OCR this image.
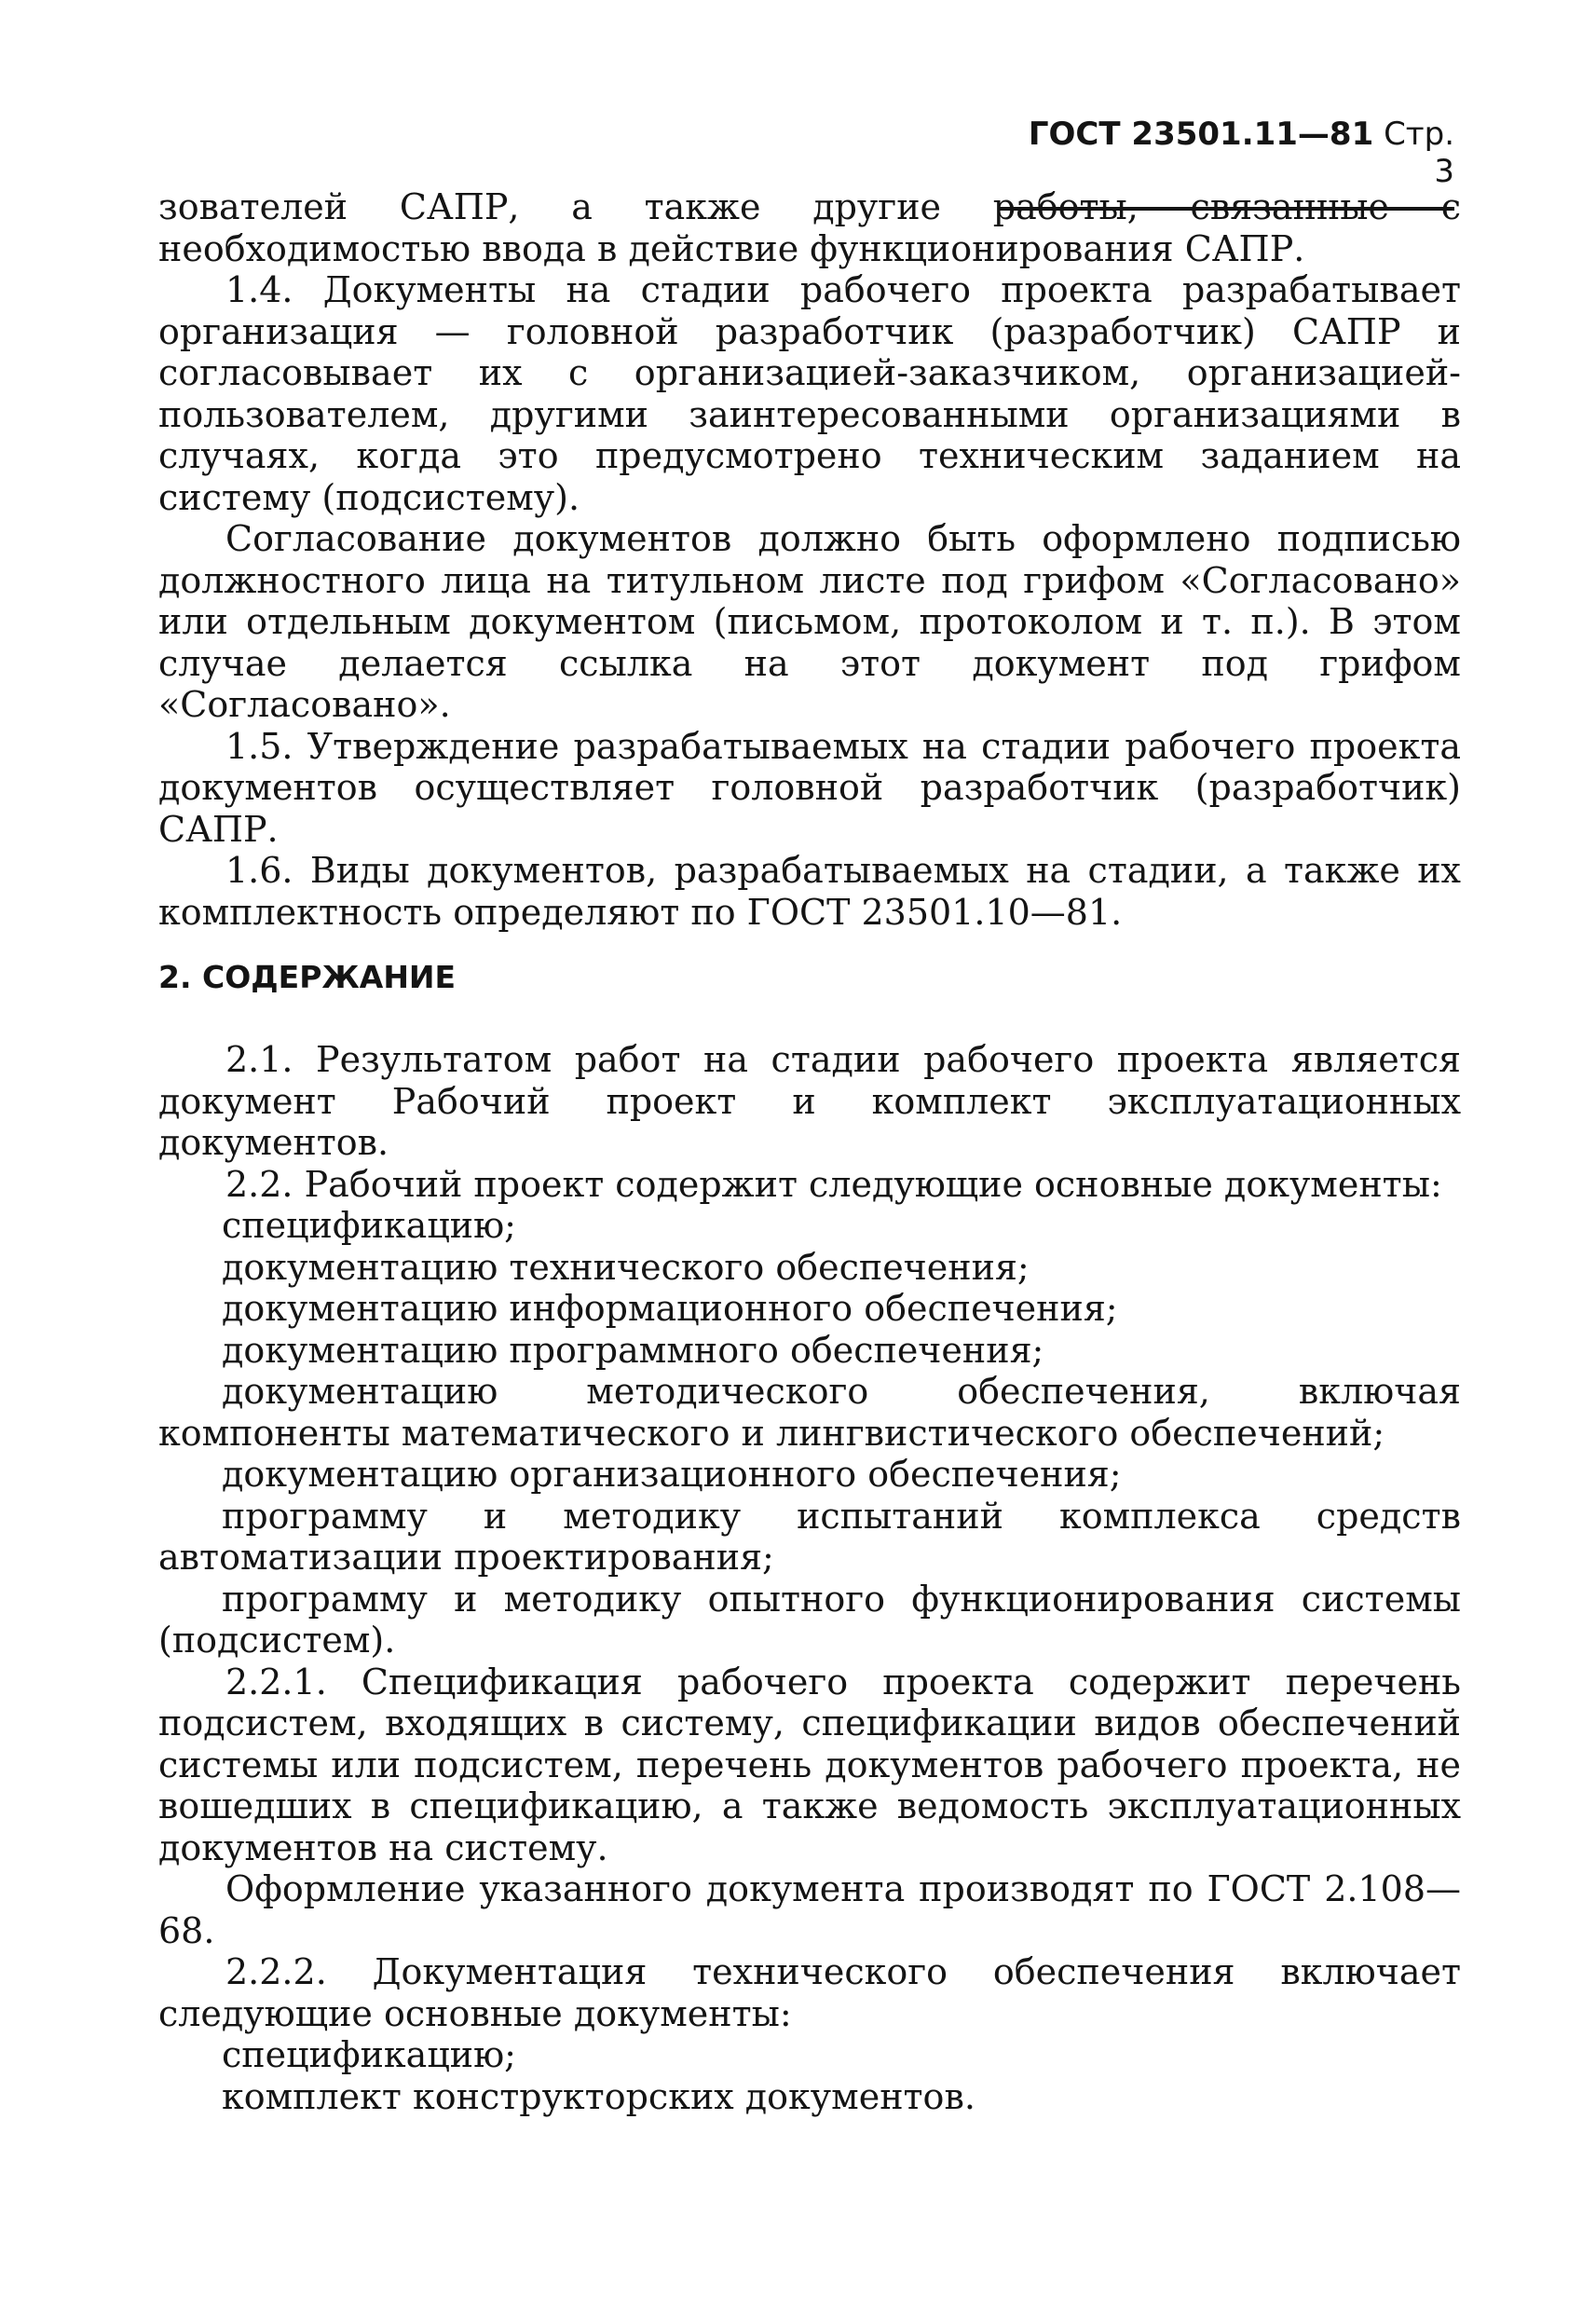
ГОСТ 23501.11—81 Стр. 3

зователей САПР, а также другие работы, связанные с необходимостью ввода в действие функционирования САПР.

1.4. Документы на стадии рабочего проекта разрабатывает организация — головной разработчик (разработчик) САПР и согласовывает их с организацией-заказчиком, организацией-пользователем, другими заинтересованными организациями в случаях, когда это предусмотрено техническим заданием на систему (подсистему).

Согласование документов должно быть оформлено подписью должностного лица на титульном листе под грифом «Согласовано» или отдельным документом (письмом, протоколом и т. п.). В этом случае делается ссылка на этот документ под грифом «Согласовано».

1.5. Утверждение разрабатываемых на стадии рабочего проекта документов осуществляет головной разработчик (разработчик) САПР.

1.6. Виды документов, разрабатываемых на стадии, а также их комплектность определяют по ГОСТ 23501.10—81.

2. СОДЕРЖАНИЕ

2.1. Результатом работ на стадии рабочего проекта является документ Рабочий проект и комплект эксплуатационных документов.

2.2. Рабочий проект содержит следующие основные документы:

спецификацию;

документацию технического обеспечения;

документацию информационного обеспечения;

документацию программного обеспечения;

документацию методического обеспечения, включая компоненты математического и лингвистического обеспечений;

документацию организационного обеспечения;

программу и методику испытаний комплекса средств автоматизации проектирования;

программу и методику опытного функционирования системы (подсистем).

2.2.1. Спецификация рабочего проекта содержит перечень подсистем, входящих в систему, спецификации видов обеспечений системы или подсистем, перечень документов рабочего проекта, не вошедших в спецификацию, а также ведомость эксплуатационных документов на систему.

Оформление указанного документа производят по ГОСТ 2.108—68.

2.2.2. Документация технического обеспечения включает следующие основные документы:

спецификацию;

комплект конструкторских документов.
